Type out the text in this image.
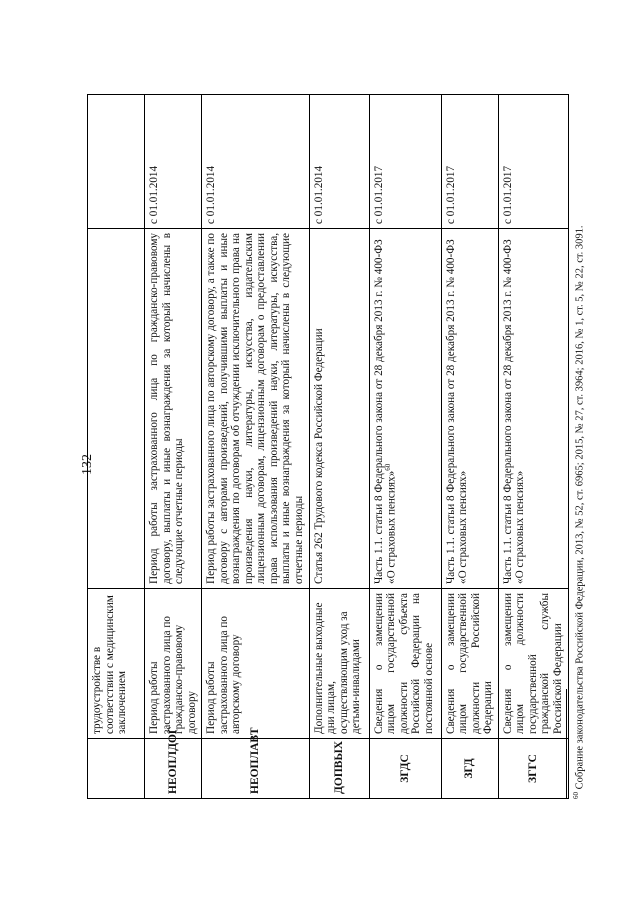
132
	трудоустройстве в соответствии с медицинским заключением		
НЕОПЛДОГ	Период работы застрахованного лица по гражданско-правовому договору	Период работы застрахованного лица по гражданско-правовому договору, выплаты и иные вознаграждения за который начислены в следующие отчетные периоды	с 01.01.2014
НЕОПЛАВТ	Период работы застрахованного лица по авторскому договору	Период работы застрахованного лица по авторскому договору, а также по договору с авторами произведений, получившими выплаты и иные вознаграждения по договорам об отчуждении исключительного права на произведения науки, литературы, искусства, издательским лицензионным договорам, лицензионным договорам о предоставлении права использования произведений науки, литературы, искусства, выплаты и иные вознаграждения за который начислены в следующие отчетные периоды	с 01.01.2014
ДОПВЫХ	Дополнительные выходные дни лицам, осуществляющим уход за детьми-инвалидами	Статья 262 Трудового кодекса Российской Федерации	с 01.01.2014
ЗГДС	Сведения о замещении лицом государственной должности субъекта Российской Федерации на постоянной основе	Часть 1.1. статьи 8 Федерального закона от 28 декабря 2013 г. № 400-ФЗ «О страховых пенсиях»$^{60}$	с 01.01.2017
ЗГД	Сведения о замещении лицом государственной должности Российской Федерации	Часть 1.1. статьи 8 Федерального закона от 28 декабря 2013 г. № 400-ФЗ «О страховых пенсиях»	с 01.01.2017
ЗГГС	Сведения о замещении лицом должности государственной гражданской службы Российской Федерации	Часть 1.1. статьи 8 Федерального закона от 28 декабря 2013 г. № 400-ФЗ «О страховых пенсиях»	с 01.01.2017
$^{60}$ Собрание законодательства Российской Федерации, 2013, № 52, ст. 6965; 2015, № 27, ст. 3964; 2016, № 1, ст. 5, № 22, ст. 3091.
